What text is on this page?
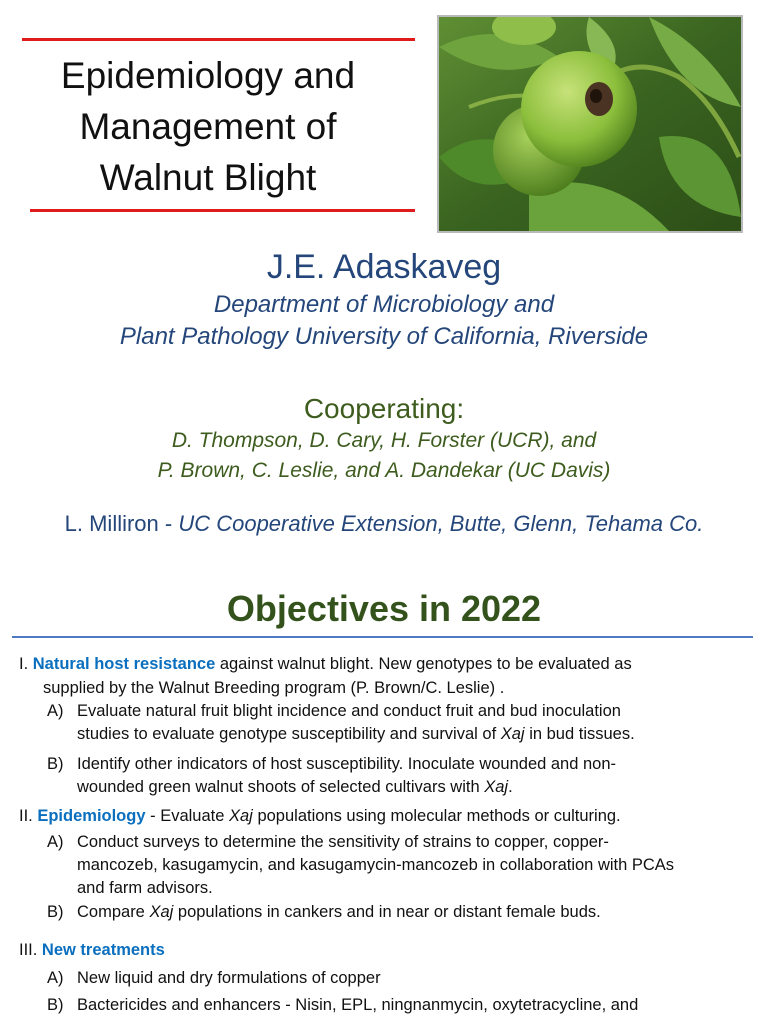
Epidemiology and
Management of
Walnut Blight
J.E. Adaskaveg
Department of Microbiology and
Plant Pathology University of California, Riverside
Cooperating:
D. Thompson, D. Cary, H. Forster (UCR), and
P. Brown, C. Leslie, and A. Dandekar (UC Davis)
L. Milliron - UC Cooperative Extension, Butte, Glenn, Tehama Co.
Objectives in 2022
I. Natural host resistance against walnut blight. New genotypes to be evaluated as
supplied by the Walnut Breeding program (P. Brown/C. Leslie) .
A) Evaluate natural fruit blight incidence and conduct fruit and bud inoculation
studies to evaluate genotype susceptibility and survival of Xaj in bud tissues.
B) Identify other indicators of host susceptibility. Inoculate wounded and non-
wounded green walnut shoots of selected cultivars with Xaj.
II. Epidemiology - Evaluate Xaj populations using molecular methods or culturing.
A) Conduct surveys to determine the sensitivity of strains to copper, copper-
mancozeb, kasugamycin, and kasugamycin-mancozeb in collaboration with PCAs
and farm advisors.
B) Compare Xaj populations in cankers and in near or distant female buds.
III. New treatments
A) New liquid and dry formulations of copper
B) Bactericides and enhancers - Nisin, EPL, ningnanmycin, oxytetracycline, and
